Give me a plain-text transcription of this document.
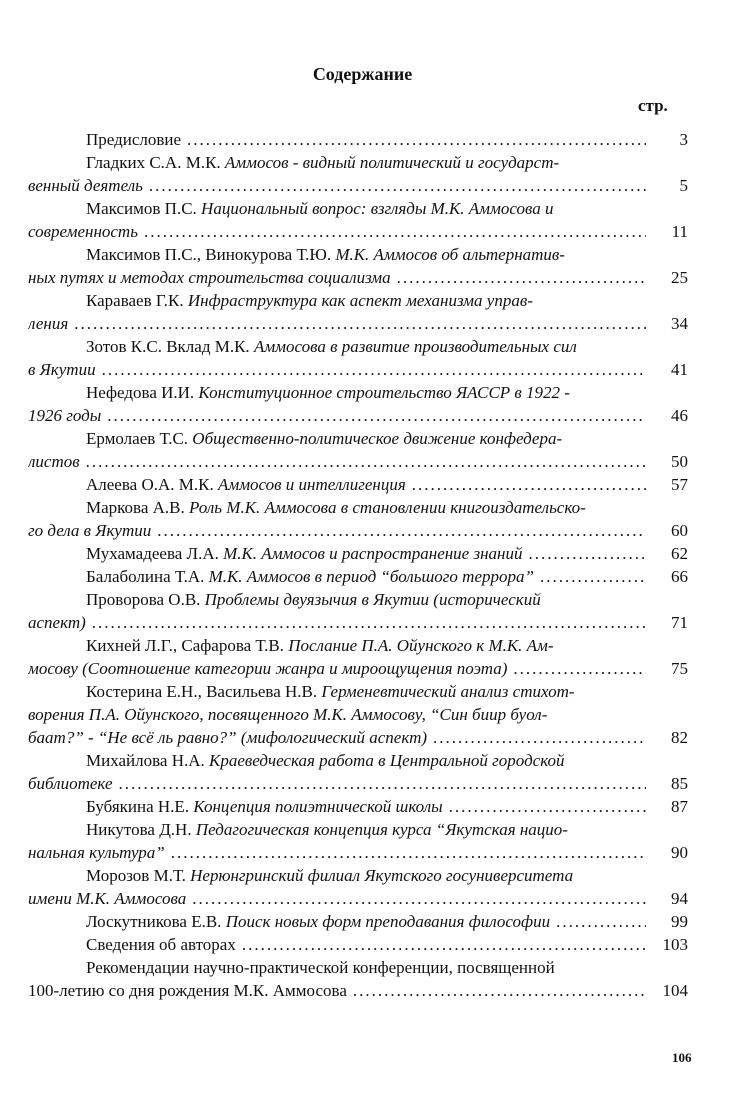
Содержание
стр.
Предисловие .....	3
Гладких С.А. М.К. Аммосов - видный политический и государст-
венный деятель .....	5
Максимов П.С. Национальный вопрос: взгляды М.К. Аммосова и
современность .....	11
Максимов П.С., Винокурова Т.Ю. М.К. Аммосов об альтернатив-
ных путях и методах строительства социализма .....	25
Караваев Г.К. Инфраструктура как аспект механизма управ-
ления .....	34
Зотов К.С. Вклад М.К. Аммосова в развитие производительных сил
в Якутии .....	41
Нефедова И.И. Конституционное строительство ЯАССР в 1922 -
1926 годы .....	46
Ермолаев Т.С. Общественно-политическое движение конфедера-
листов .....	50
Алеева О.А. М.К. Аммосов и интеллигенция .....	57
Маркова А.В. Роль М.К. Аммосова в становлении книгоиздательско-
го дела в Якутии .....	60
Мухамадеева Л.А. М.К. Аммосов и распространение знаний .....	62
Балаболина Т.А. М.К. Аммосов в период “большого террора” .....	66
Проворова О.В. Проблемы двуязычия в Якутии (исторический
аспект) .....	71
Кихней Л.Г., Сафарова Т.В. Послание П.А. Ойунского к М.К. Ам-
мосову (Соотношение категории жанра и мироощущения поэта) .....	75
Костерина Е.Н., Васильева Н.В. Герменевтический анализ стихот-
ворения П.А. Ойунского, посвященного М.К. Аммосову, “Син биир буол-
баат?” - “Не всё ль равно?” (мифологический аспект) .....	82
Михайлова Н.А. Краеведческая работа в Центральной городской
библиотеке .....	85
Бубякина Н.Е. Концепция полиэтнической школы .....	87
Никутова Д.Н. Педагогическая концепция курса “Якутская нацио-
нальная культура” .....	90
Морозов М.Т. Нерюнгринский филиал Якутского госуниверситета
имени М.К. Аммосова .....	94
Лоскутникова Е.В. Поиск новых форм преподавания философии .....	99
Сведения об авторах .....	103
Рекомендации научно-практической конференции, посвященной
100-летию со дня рождения М.К. Аммосова .....	104
106
